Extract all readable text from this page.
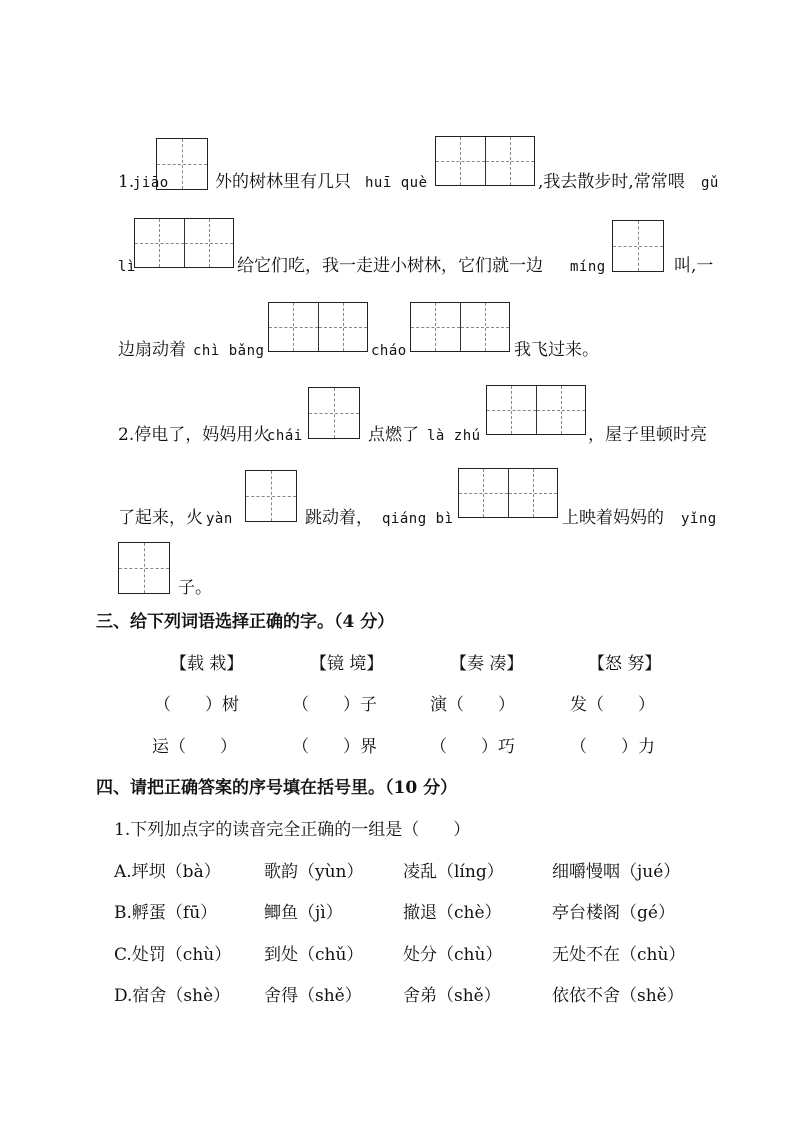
1.
jiāo	外的树林里有几只 huī què	,我去散步时,常常喂 gǔ
lì	给它们吃，我一走进小树林，它们就一边 míng	叫,一
边扇动着 chì bǎng	cháo	我飞过来。
2.停电了，妈妈用火
chái	点燃了 là zhú	，屋子里顿时亮
了起来，火 yàn	跳动着， qiáng bì	上映着妈妈的 yǐng
子。
三、给下列词语选择正确的字。（4 分）
【载 栽】	【镜 境】	【奏 凑】	【怒 努】
（　　）树	（　　）子	演（　　）	发（　　）
运（　　）	（　　）界	（　　）巧	（　　）力
四、请把正确答案的序号填在括号里。（10 分）
1.下列加点字的读音完全正确的一组是（　　）
A.坪坝（bà）	歌韵（yùn） 凌乱（líng）	细嚼慢咽（jué）
B.孵蛋（fū）	鲫鱼（jì）	撤退（chè）	亭台楼阁（gé）
C.处罚（chù） 到处（chǔ） 处分（chù）	无处不在（chù）
D.宿舍（shè） 舍得（shě） 舍弟（shě）	依依不舍（shě）
